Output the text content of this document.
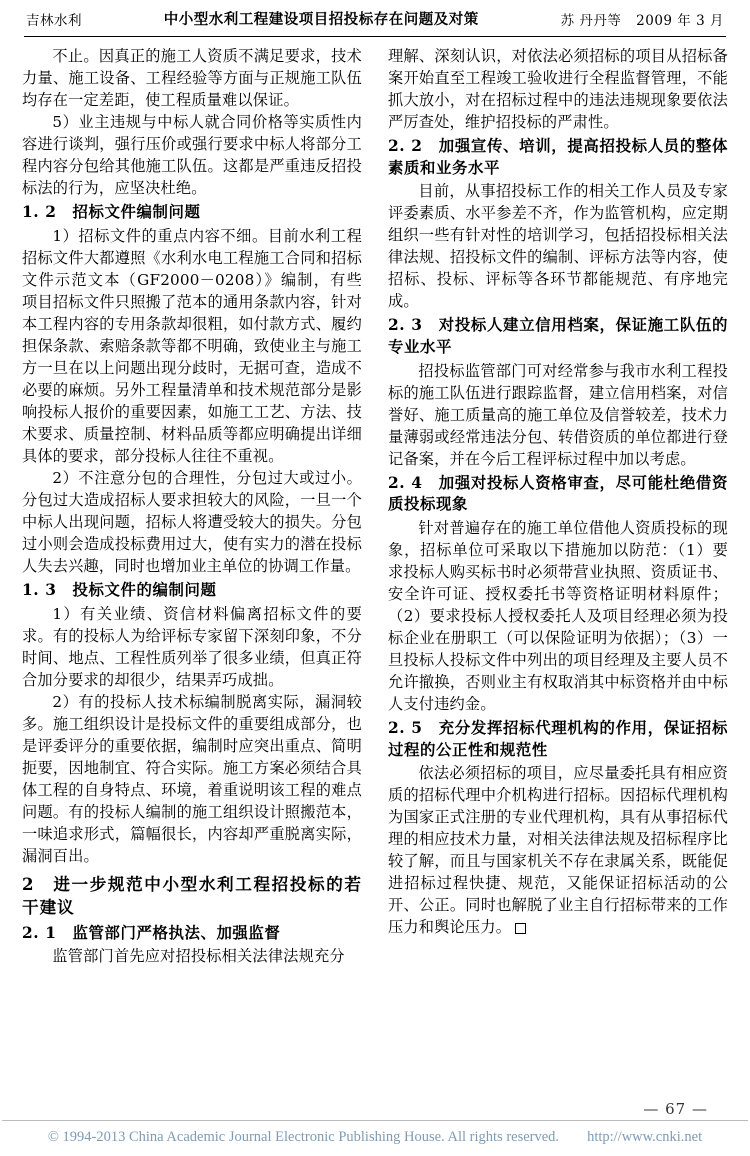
吉林水利	中小型水利工程建设项目招投标存在问题及对策	苏 丹丹等 2009 年 3 月

不止。因真正的施工人资质不满足要求，技术力量、施工设备、工程经验等方面与正规施工队伍均存在一定差距，使工程质量难以保证。

5）业主违规与中标人就合同价格等实质性内容进行谈判，强行压价或强行要求中标人将部分工程内容分包给其他施工队伍。这都是严重违反招投标法的行为，应坚决杜绝。

1. 2　招标文件编制问题

1）招标文件的重点内容不细。目前水利工程招标文件大都遵照《水利水电工程施工合同和招标文件示范文本（GF2000－0208）》编制，有些项目招标文件只照搬了范本的通用条款内容，针对本工程内容的专用条款却很粗，如付款方式、履约担保条款、索赔条款等都不明确，致使业主与施工方一旦在以上问题出现分歧时，无据可查，造成不必要的麻烦。另外工程量清单和技术规范部分是影响投标人报价的重要因素，如施工工艺、方法、技术要求、质量控制、材料品质等都应明确提出详细具体的要求，部分投标人往往不重视。

2）不注意分包的合理性，分包过大或过小。分包过大造成招标人要求担较大的风险，一旦一个中标人出现问题，招标人将遭受较大的损失。分包过小则会造成投标费用过大，使有实力的潜在投标人失去兴趣，同时也增加业主单位的协调工作量。

1. 3　投标文件的编制问题

1）有关业绩、资信材料偏离招标文件的要求。有的投标人为给评标专家留下深刻印象，不分时间、地点、工程性质列举了很多业绩，但真正符合加分要求的却很少，结果弄巧成拙。

2）有的投标人技术标编制脱离实际，漏洞较多。施工组织设计是投标文件的重要组成部分，也是评委评分的重要依据，编制时应突出重点、简明扼要，因地制宜、符合实际。施工方案必须结合具体工程的自身特点、环境，着重说明该工程的难点问题。有的投标人编制的施工组织设计照搬范本，一味追求形式，篇幅很长，内容却严重脱离实际，漏洞百出。

2　进一步规范中小型水利工程招投标的若干建议
2. 1　监管部门严格执法、加强监督

监管部门首先应对招投标相关法律法规充分

理解、深刻认识，对依法必须招标的项目从招标备案开始直至工程竣工验收进行全程监督管理，不能抓大放小，对在招标过程中的违法违规现象要依法严厉查处，维护招投标的严肃性。

2. 2　加强宣传、培训，提高招投标人员的整体素质和业务水平

目前，从事招投标工作的相关工作人员及专家评委素质、水平参差不齐，作为监管机构，应定期组织一些有针对性的培训学习，包括招投标相关法律法规、招投标文件的编制、评标方法等内容，使招标、投标、评标等各环节都能规范、有序地完成。

2. 3　对投标人建立信用档案，保证施工队伍的专业水平

招投标监管部门可对经常参与我市水利工程投标的施工队伍进行跟踪监督，建立信用档案，对信誉好、施工质量高的施工单位及信誉较差，技术力量薄弱或经常违法分包、转借资质的单位都进行登记备案，并在今后工程评标过程中加以考虑。

2. 4　加强对投标人资格审查，尽可能杜绝借资质投标现象

针对普遍存在的施工单位借他人资质投标的现象，招标单位可采取以下措施加以防范：（1）要求投标人购买标书时必须带营业执照、资质证书、安全许可证、授权委托书等资格证明材料原件；（2）要求投标人授权委托人及项目经理必须为投标企业在册职工（可以保险证明为依据）；（3）一旦投标人投标文件中列出的项目经理及主要人员不允许撤换，否则业主有权取消其中标资格并由中标人支付违约金。

2. 5　充分发挥招标代理机构的作用，保证招标过程的公正性和规范性

依法必须招标的项目，应尽量委托具有相应资质的招标代理中介机构进行招标。因招标代理机构为国家正式注册的专业代理机构，具有从事招标代理的相应技术力量，对相关法律法规及招标程序比较了解，而且与国家机关不存在隶属关系，既能促进招标过程快捷、规范，又能保证招标活动的公开、公正。同时也解脱了业主自行招标带来的工作压力和舆论压力。

— 67 —
© 1994-2013 China Academic Journal Electronic Publishing House. All rights reserved. http://www.cnki.net
